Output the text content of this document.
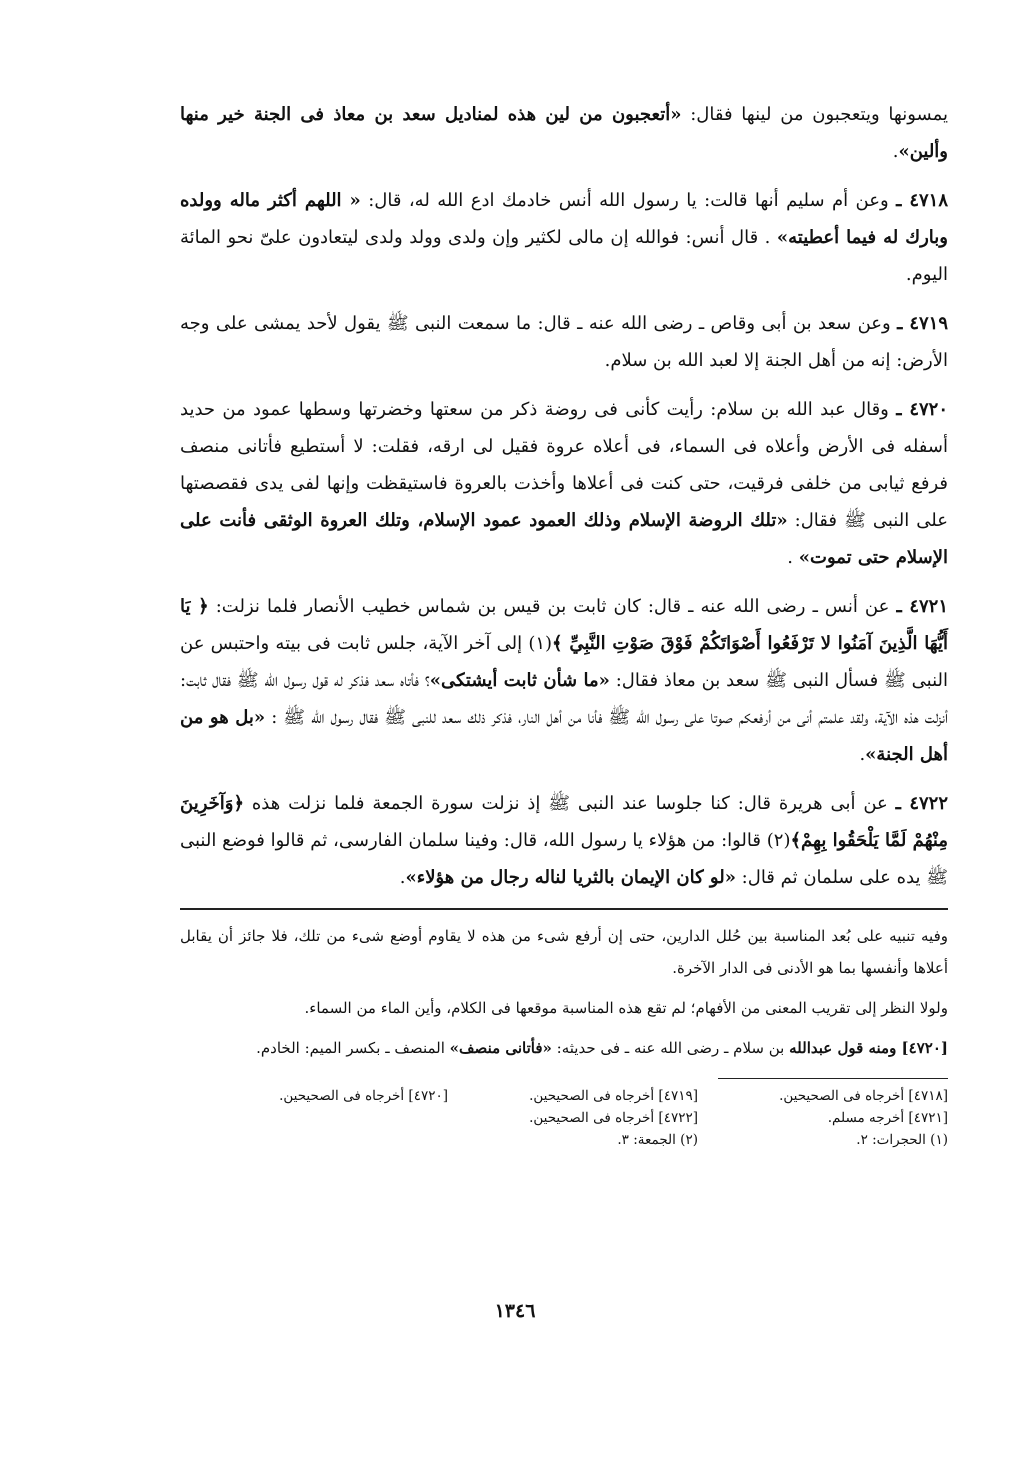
يمسونها ويتعجبون من لينها فقال: «أتعجبون من لين هذه لمناديل سعد بن معاذ فى الجنة خير منها وألين».
٤٧١٨ ـ وعن أم سليم أنها قالت: يا رسول الله أنس خادمك ادع الله له، قال: « اللهم أكثر ماله وولده وبارك له فيما أعطيته» . قال أنس: فوالله إن مالى لكثير وإن ولدى وولد ولدى ليتعادون علىّ نحو المائة اليوم.
٤٧١٩ ـ وعن سعد بن أبى وقاص ـ رضى الله عنه ـ قال: ما سمعت النبى ﷺ يقول لأحد يمشى على وجه الأرض: إنه من أهل الجنة إلا لعبد الله بن سلام.
٤٧٢٠ ـ وقال عبد الله بن سلام: رأيت كأنى فى روضة ذكر من سعتها وخضرتها وسطها عمود من حديد أسفله فى الأرض وأعلاه فى السماء، فى أعلاه عروة فقيل لى ارقه، فقلت: لا أستطيع فأتانى منصف فرفع ثيابى من خلفى فرقيت، حتى كنت فى أعلاها وأخذت بالعروة فاستيقظت وإنها لفى يدى فقصصتها على النبى ﷺ فقال: «تلك الروضة الإسلام وذلك العمود عمود الإسلام، وتلك العروة الوثقى فأنت على الإسلام حتى تموت» .
٤٧٢١ ـ عن أنس ـ رضى الله عنه ـ قال: كان ثابت بن قيس بن شماس خطيب الأنصار فلما نزلت: ﴿ يَا أَيُّهَا الَّذِينَ آمَنُوا لا تَرْفَعُوا أَصْوَاتَكُمْ فَوْقَ صَوْتِ النَّبِيِّ ﴾(١) إلى آخر الآية، جلس ثابت فى بيته واحتبس عن النبى ﷺ فسأل النبى ﷺ سعد بن معاذ فقال: «ما شأن ثابت أيشتكى»؟ فأتاه سعد فذكر له قول رسول الله ﷺ فقال ثابت: أنزلت هذه الآية، ولقد علمتم أنى من أرفعكم صوتا على رسول الله ﷺ فأنا من أهل النار، فذكر ذلك سعد للنبى ﷺ فقال رسول الله ﷺ : «بل هو من أهل الجنة».
٤٧٢٢ ـ عن أبى هريرة قال: كنا جلوسا عند النبى ﷺ إذ نزلت سورة الجمعة فلما نزلت هذه ﴿وَآخَرِينَ مِنْهُمْ لَمَّا يَلْحَقُوا بِهِمْ﴾(٢) قالوا: من هؤلاء يا رسول الله، قال: وفينا سلمان الفارسى، ثم قالوا فوضع النبى ﷺ يده على سلمان ثم قال: «لو كان الإيمان بالثريا لناله رجال من هؤلاء».
وفيه تنبيه على بُعد المناسبة بين حُلل الدارين، حتى إن أرفع شىء من هذه لا يقاوم أوضع شىء من تلك، فلا جائز أن يقابل أعلاها وأنفسها بما هو الأدنى فى الدار الآخرة.
ولولا النظر إلى تقريب المعنى من الأفهام؛ لم تقع هذه المناسبة موقعها فى الكلام، وأين الماء من السماء.
[٤٧٢٠] ومنه قول عبدالله بن سلام ـ رضى الله عنه ـ فى حديثه: «فأتانى منصف» المنصف ـ بكسر الميم: الخادم.
[٤٧١٨] أخرجاه فى الصحيحين.
[٤٧١٩] أخرجاه فى الصحيحين.
[٤٧٢٠] أخرجاه فى الصحيحين.
[٤٧٢١] أخرجه مسلم.
[٤٧٢٢] أخرجاه فى الصحيحين.
(١) الحجرات: ٢.
(٢) الجمعة: ٣.
١٣٤٦
